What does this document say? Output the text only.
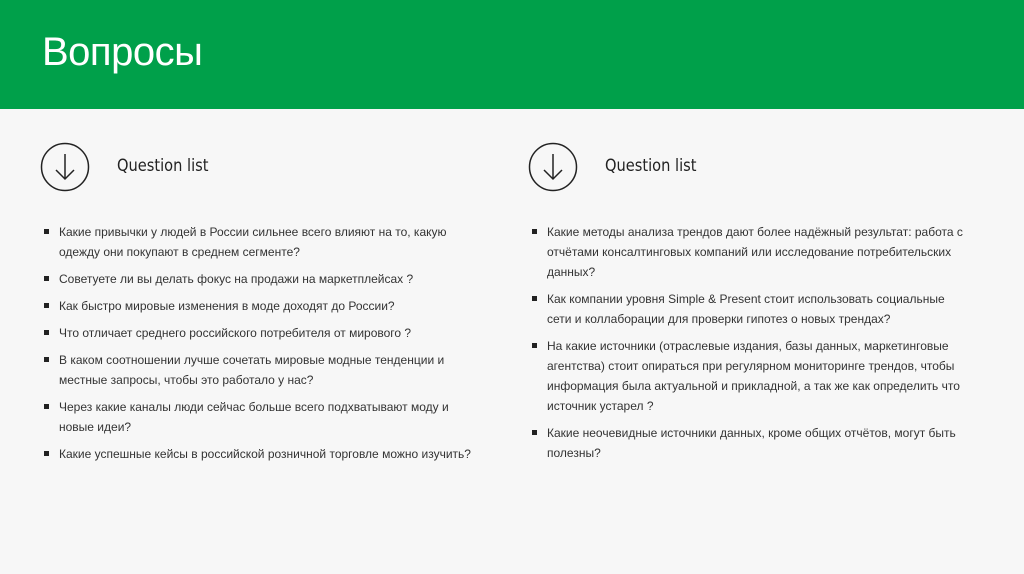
Вопросы
Question list
Какие привычки у людей в России сильнее всего влияют на то, какую одежду они покупают в среднем сегменте?
Советуете ли вы делать фокус на продажи на маркетплейсах ?
Как быстро мировые изменения в моде доходят до России?
Что отличает среднего российского потребителя от мирового ?
В каком соотношении лучше сочетать мировые модные тенденции и местные запросы, чтобы это работало у нас?
Через какие каналы люди сейчас больше всего подхватывают моду и новые идеи?
Какие успешные кейсы в российской розничной торговле можно изучить?
Question list
Какие методы анализа трендов дают более надёжный результат: работа с отчётами консалтинговых компаний или исследование потребительских данных?
Как компании уровня Simple & Present стоит использовать социальные сети и коллаборации для проверки гипотез о новых трендах?
На какие источники (отраслевые издания, базы данных, маркетинговые агентства) стоит опираться при регулярном мониторинге трендов, чтобы информация была актуальной и прикладной, а так же как определить что источник устарел ?
Какие неочевидные источники данных, кроме общих отчётов, могут быть полезны?
